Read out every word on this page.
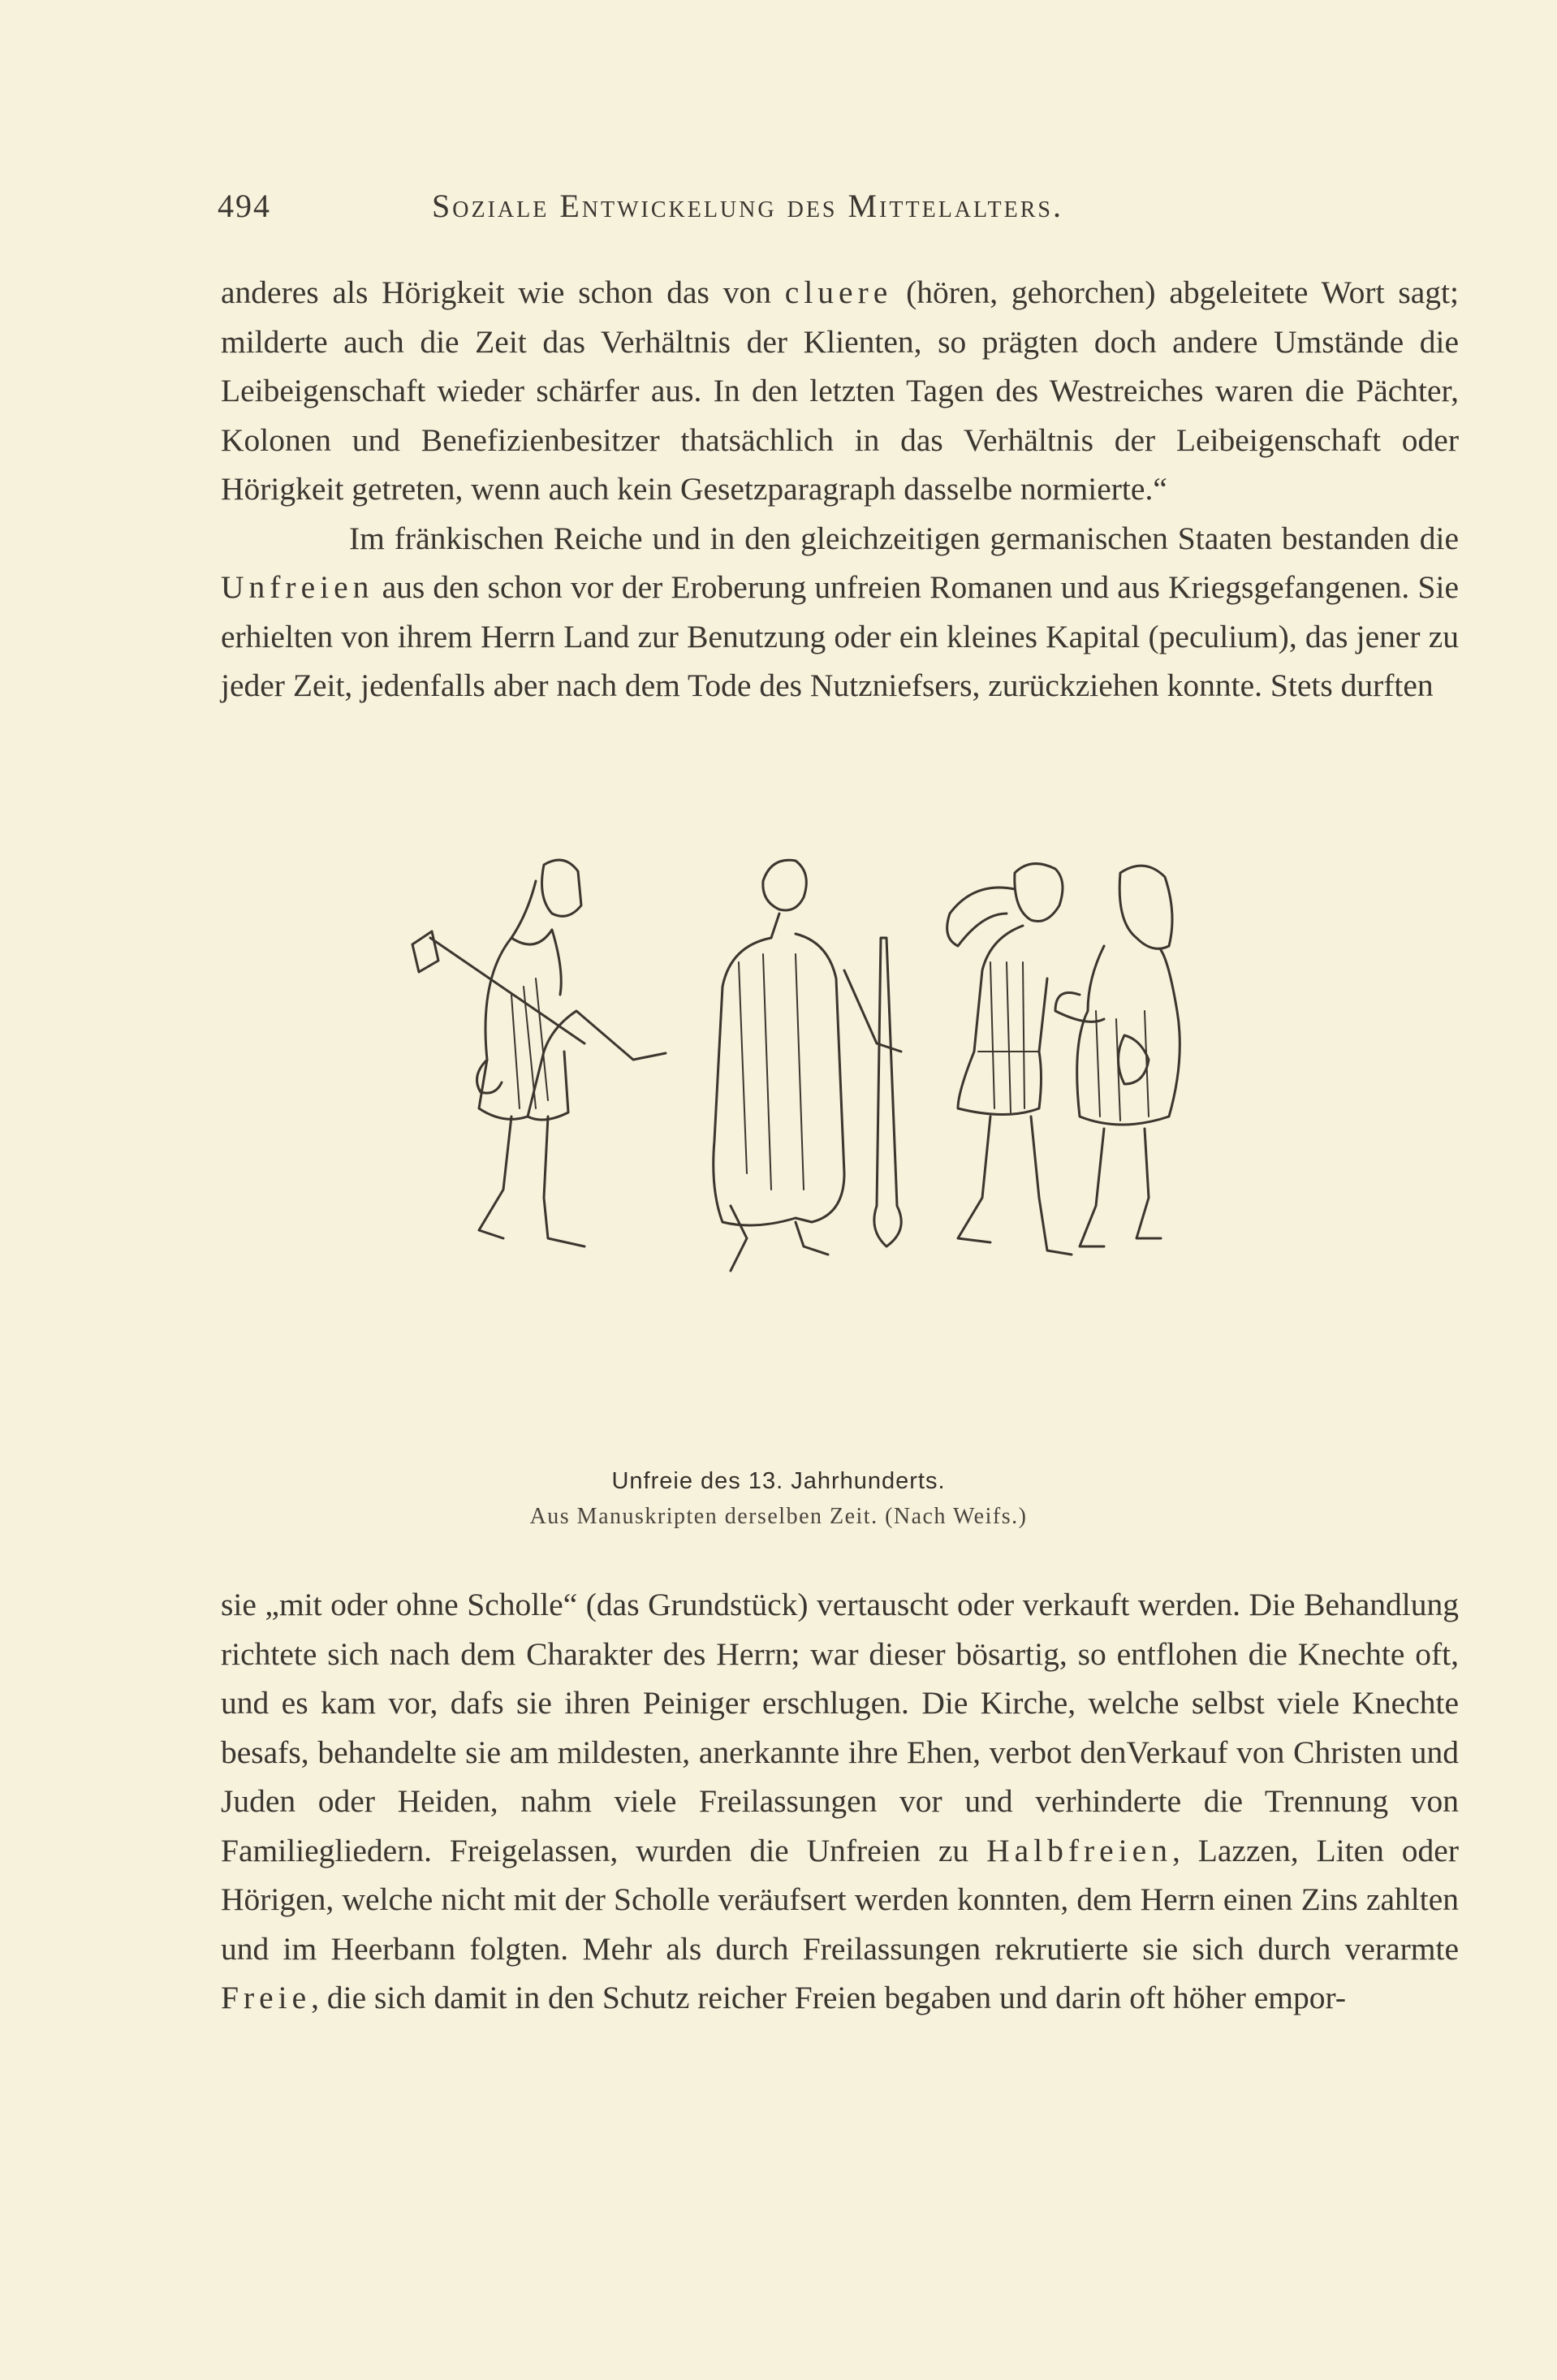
494	Soziale Entwickelung des Mittelalters.
anderes als Hörigkeit wie schon das von cluere (hören, gehorchen) abgeleitete Wort sagt; milderte auch die Zeit das Verhältnis der Klienten, so prägten doch andere Umstände die Leibeigenschaft wieder schärfer aus. In den letzten Tagen des Westreiches waren die Pächter, Kolonen und Benefizienbesitzer thatsächlich in das Verhältnis der Leibeigenschaft oder Hörigkeit getreten, wenn auch kein Gesetzparagraph dasselbe normierte.“
Im fränkischen Reiche und in den gleichzeitigen germanischen Staaten bestanden die Unfreien aus den schon vor der Eroberung unfreien Romanen und aus Kriegsgefangenen. Sie erhielten von ihrem Herrn Land zur Benutzung oder ein kleines Kapital (peculium), das jener zu jeder Zeit, jedenfalls aber nach dem Tode des Nutzniefsers, zurückziehen konnte. Stets durften
Unfreie des 13. Jahrhunderts.
Aus Manuskripten derselben Zeit. (Nach Weifs.)
sie „mit oder ohne Scholle“ (das Grundstück) vertauscht oder verkauft werden. Die Behandlung richtete sich nach dem Charakter des Herrn; war dieser bösartig, so entflohen die Knechte oft, und es kam vor, dafs sie ihren Peiniger erschlugen. Die Kirche, welche selbst viele Knechte besafs, behandelte sie am mildesten, anerkannte ihre Ehen, verbot denVerkauf von Christen und Juden oder Heiden, nahm viele Freilassungen vor und verhinderte die Trennung von Familiegliedern. Freigelassen, wurden die Unfreien zu Halbfreien, Lazzen, Liten oder Hörigen, welche nicht mit der Scholle veräufsert werden konnten, dem Herrn einen Zins zahlten und im Heerbann folgten. Mehr als durch Freilassungen rekrutierte sie sich durch verarmte Freie, die sich damit in den Schutz reicher Freien begaben und darin oft höher empor-
